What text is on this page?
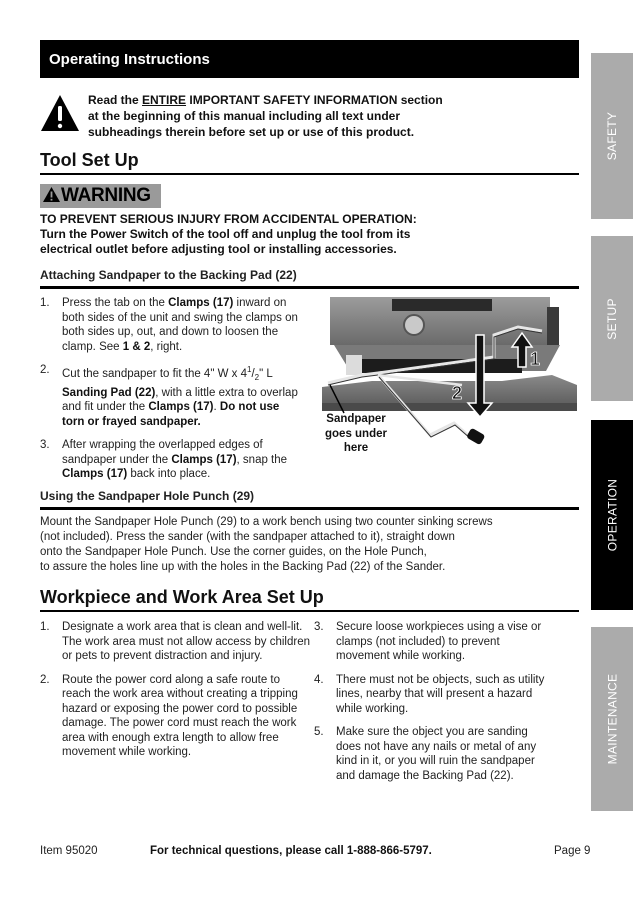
Operating Instructions
Read the ENTIRE IMPORTANT SAFETY INFORMATION section
at the beginning of this manual including all text under
subheadings therein before set up or use of this product.
Tool Set Up
WARNING
TO PREVENT SERIOUS INJURY FROM ACCIDENTAL OPERATION:
Turn the Power Switch of the tool off and unplug the tool from its
electrical outlet before adjusting tool or installing accessories.
Attaching Sandpaper to the Backing Pad (22)
1. Press the tab on the Clamps (17) inward on both sides of the unit and swing the clamps on both sides up, out, and down to loosen the clamp. See 1 & 2, right.
2. Cut the sandpaper to fit the 4" W x $4^1/_2$" L Sanding Pad (22), with a little extra to overlap and fit under the Clamps (17). Do not use torn or frayed sandpaper.
3. After wrapping the overlapped edges of sandpaper under the Clamps (17), snap the Clamps (17) back into place.
1
2
Sandpaper
goes under
here
Using the Sandpaper Hole Punch (29)
Mount the Sandpaper Hole Punch (29) to a work bench using two counter sinking screws
(not included). Press the sander (with the sandpaper attached to it), straight down
onto the Sandpaper Hole Punch. Use the corner guides, on the Hole Punch,
to assure the holes line up with the holes in the Backing Pad (22) of the Sander.
Workpiece and Work Area Set Up
1. Designate a work area that is clean and well-lit. The work area must not allow access by children or pets to prevent distraction and injury.
2. Route the power cord along a safe route to reach the work area without creating a tripping hazard or exposing the power cord to possible damage. The power cord must reach the work area with enough extra length to allow free movement while working.
3. Secure loose workpieces using a vise or clamps (not included) to prevent movement while working.
4. There must not be objects, such as utility lines, nearby that will present a hazard while working.
5. Make sure the object you are sanding does not have any nails or metal of any kind in it, or you will ruin the sandpaper and damage the Backing Pad (22).
Item 95020	For technical questions, please call 1-888-866-5797.	Page 9
SAFETY
SETUP
OPERATION
MAINTENANCE
